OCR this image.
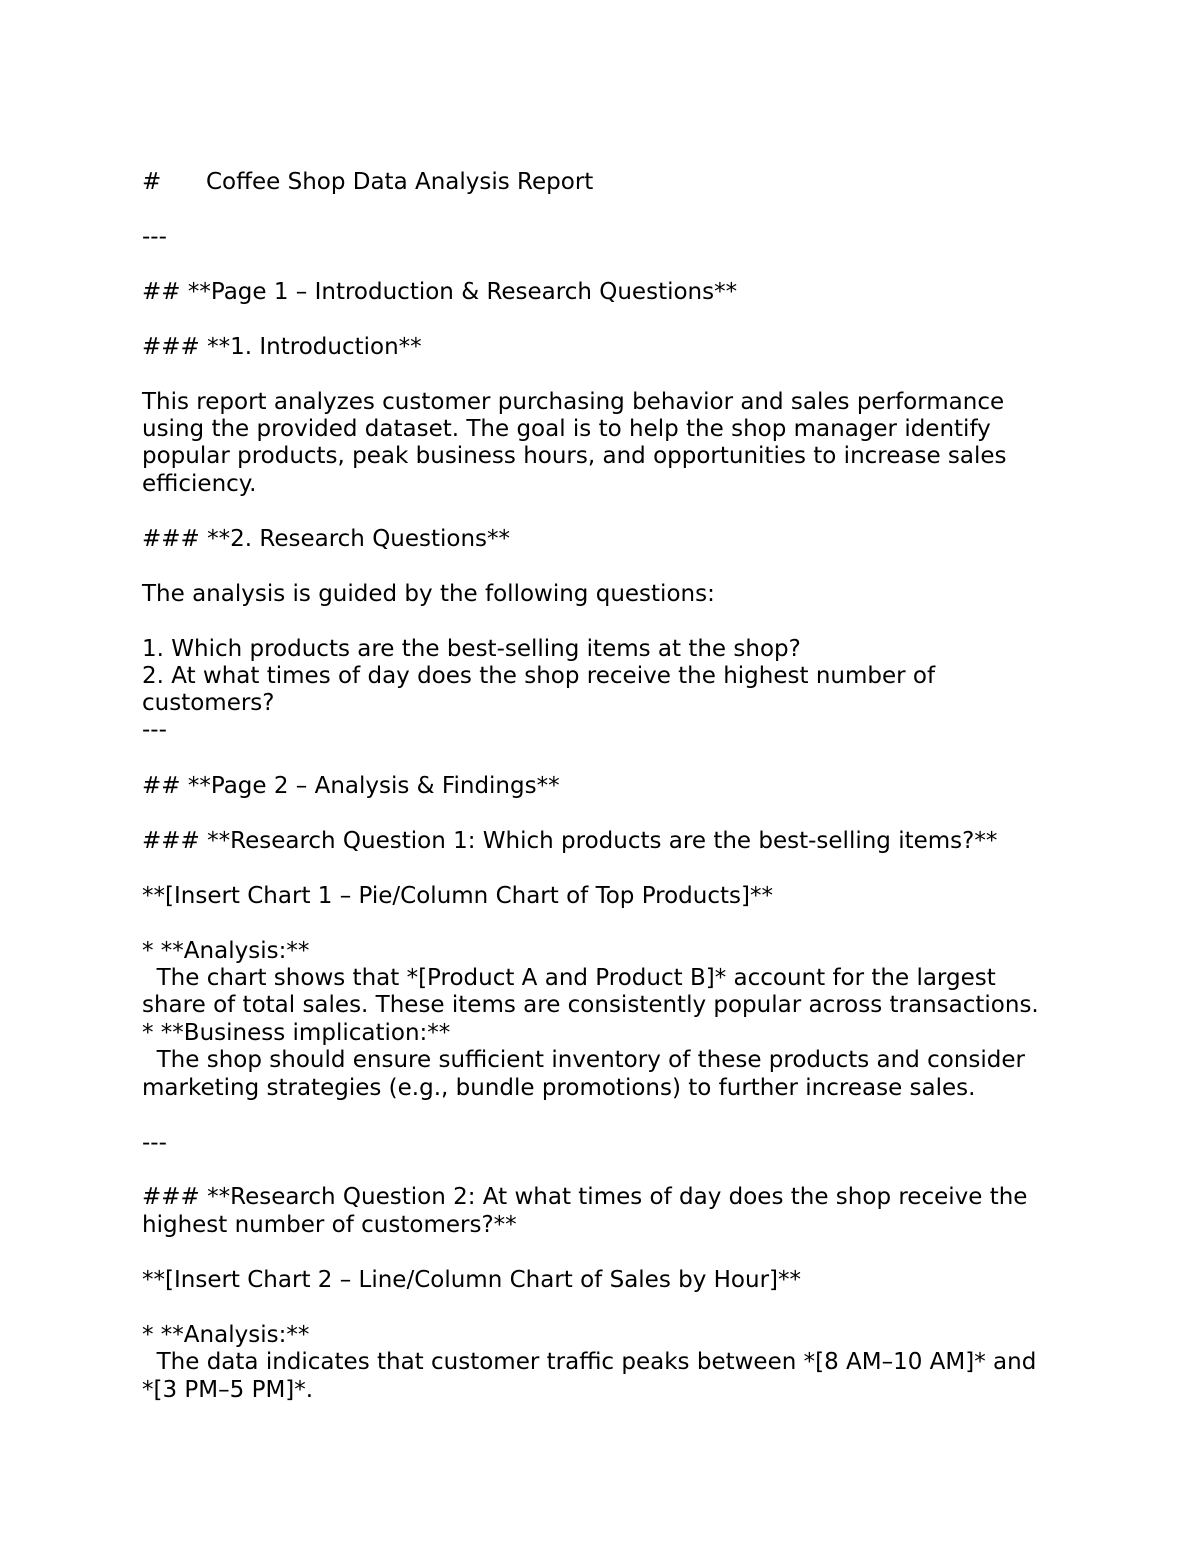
# Coffee Shop Data Analysis Report

---

## **Page 1 – Introduction & Research Questions**

### **1. Introduction**

This report analyzes customer purchasing behavior and sales performance

using the provided dataset. The goal is to help the shop manager identify

popular products, peak business hours, and opportunities to increase sales

efficiency.

### **2. Research Questions**

The analysis is guided by the following questions:

1. Which products are the best-selling items at the shop?

2. At what times of day does the shop receive the highest number of

customers?

---

## **Page 2 – Analysis & Findings**

### **Research Question 1: Which products are the best-selling items?**

**[Insert Chart 1 – Pie/Column Chart of Top Products]**

* **Analysis:**

The chart shows that *[Product A and Product B]* account for the largest

share of total sales. These items are consistently popular across transactions.

* **Business implication:**

The shop should ensure sufficient inventory of these products and consider

marketing strategies (e.g., bundle promotions) to further increase sales.

---

### **Research Question 2: At what times of day does the shop receive the

highest number of customers?**

**[Insert Chart 2 – Line/Column Chart of Sales by Hour]**

* **Analysis:**

The data indicates that customer traffic peaks between *[8 AM–10 AM]* and

*[3 PM–5 PM]*.
